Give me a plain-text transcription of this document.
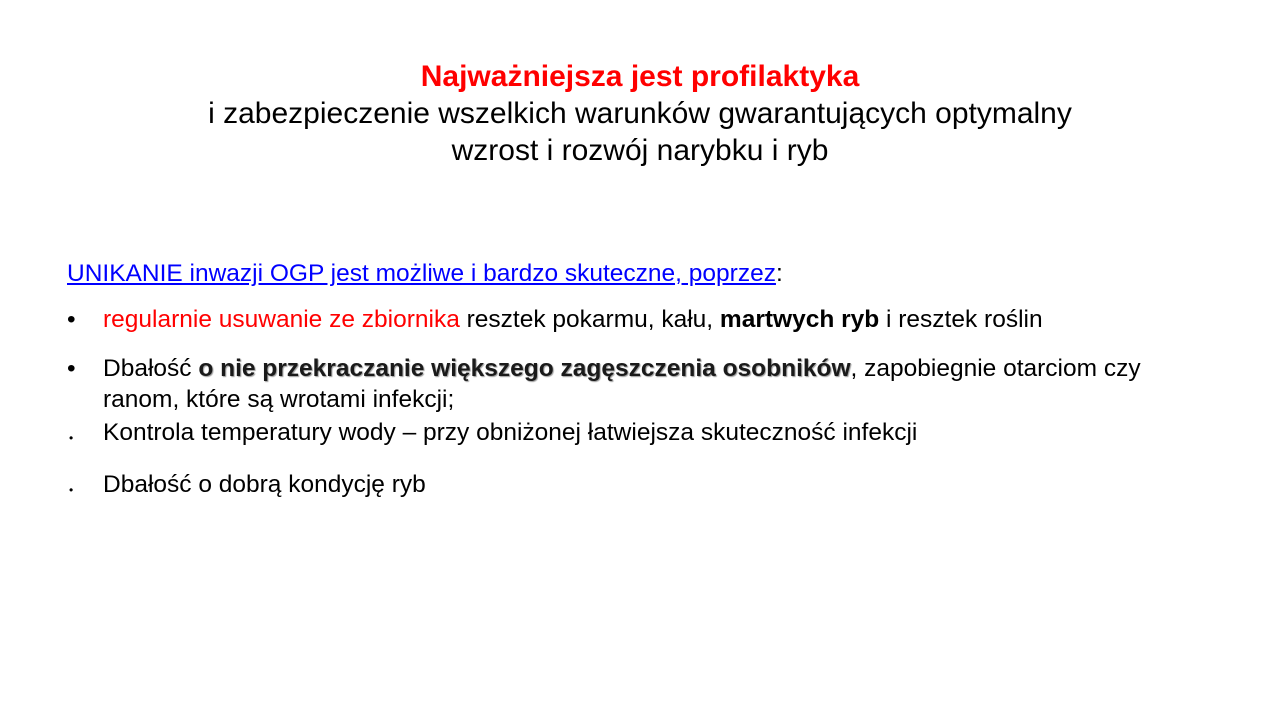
Najważniejsza jest profilaktyka
i zabezpieczenie wszelkich warunków gwarantujących optymalny
wzrost i rozwój narybku i ryb

UNIKANIE inwazji OGP jest możliwe i bardzo skuteczne, poprzez:

• regularnie usuwanie ze zbiornika resztek pokarmu, kału, martwych ryb i resztek roślin
• Dbałość o nie przekraczanie większego zagęszczenia osobników, zapobiegnie otarciom czy ranom, które są wrotami infekcji;
• Kontrola temperatury wody – przy obniżonej łatwiejsza skuteczność infekcji
• Dbałość o dobrą kondycję ryb
